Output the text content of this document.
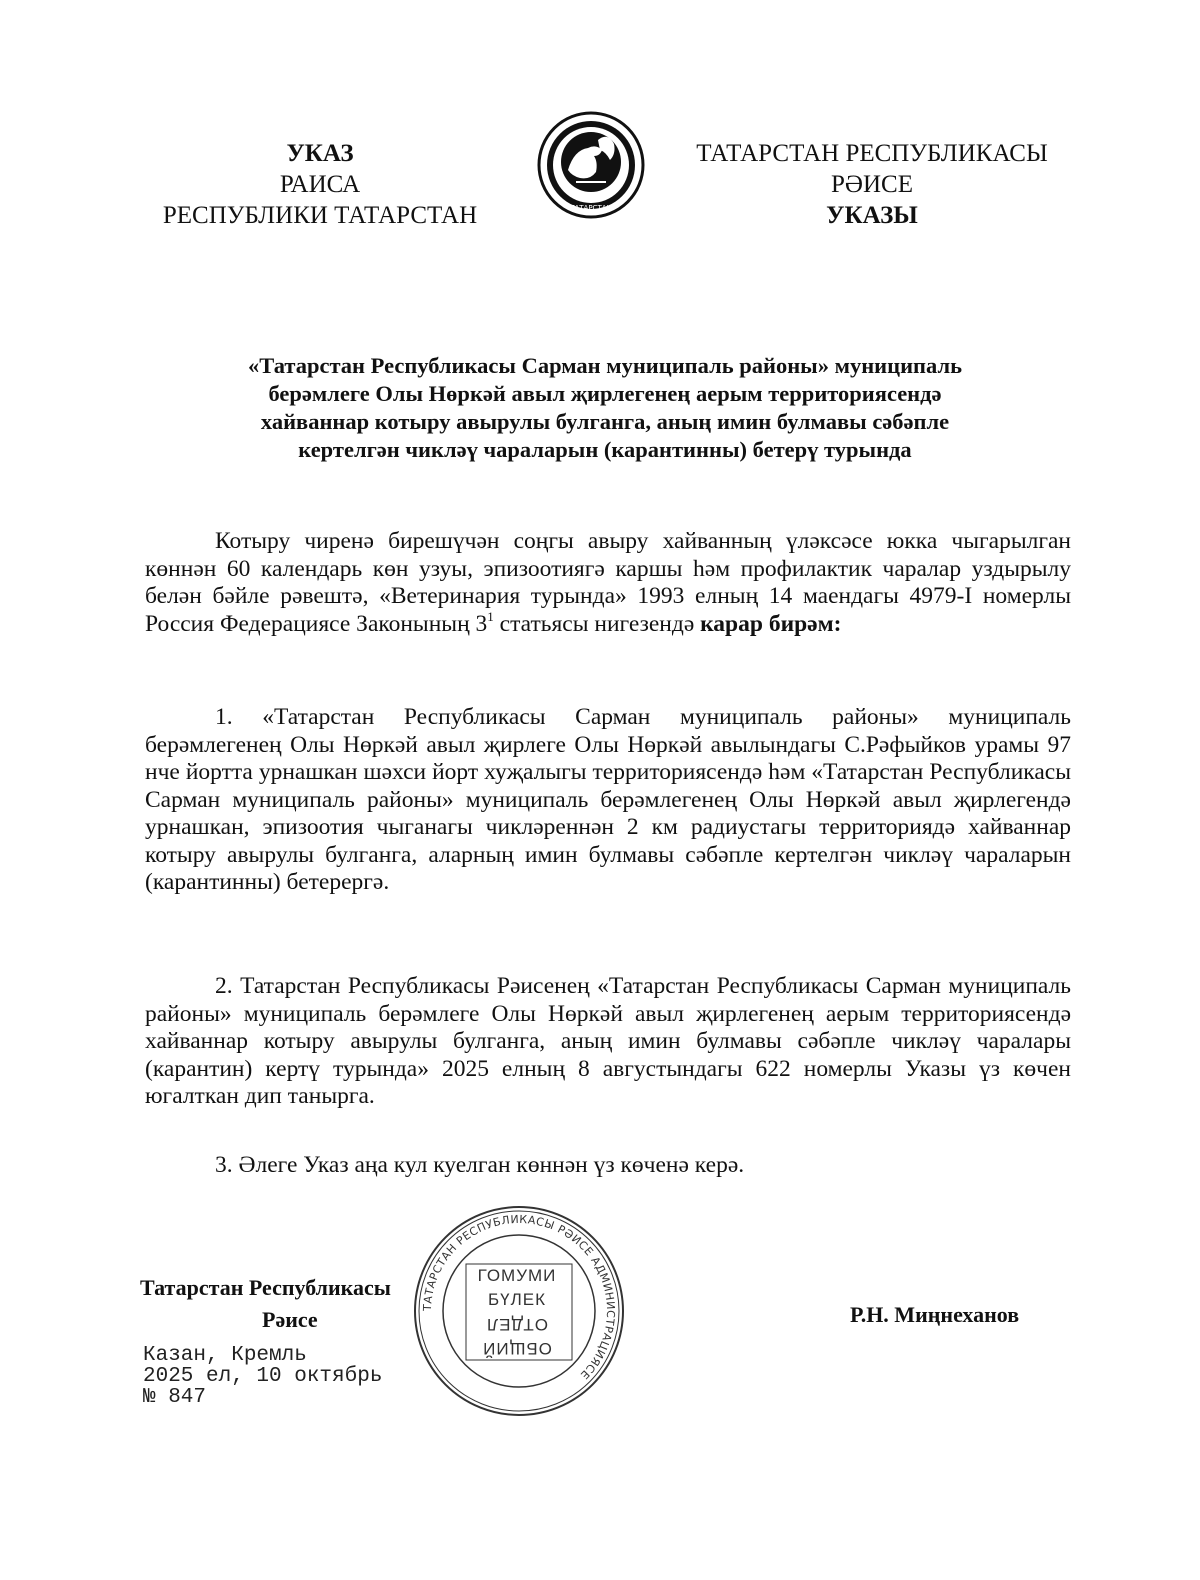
УКАЗ
РАИСА
РЕСПУБЛИКИ ТАТАРСТАН	ТАТАРСТАН
ТАТАРСТАН РЕСПУБЛИКАСЫ
РӘИСЕ
УКАЗЫ
«Татарстан Республикасы Сарман муниципаль районы» муниципаль
берәмлеге Олы Нөркәй авыл җирлегенең аерым территориясендә
хайваннар котыру авырулы булганга, аның имин булмавы сәбәпле
кертелгән чикләү чараларын (карантинны) бетерү турында

Котыру чиренә бирешүчән соңгы авыру хайванның үләксәсе юкка чыгарылган көннән 60 календарь көн узуы, эпизоотиягә каршы һәм профилактик чаралар уздырылу белән бәйле рәвештә, «Ветеринария турында» 1993 елның 14 маендагы 4979-I номерлы Россия Федерациясе Законының $3^1$ статьясы нигезендә карар бирәм:

1. «Татарстан Республикасы Сарман муниципаль районы» муниципаль берәмлегенең Олы Нөркәй авыл җирлеге Олы Нөркәй авылындагы С.Рәфыйков урамы 97 нче йортта урнашкан шәхси йорт хуҗалыгы территориясендә һәм «Татарстан Республикасы Сарман муниципаль районы» муниципаль берәмлегенең Олы Нөркәй авыл җирлегендә урнашкан, эпизоотия чыганагы чикләреннән 2 км радиустагы территориядә хайваннар котыру авырулы булганга, аларның имин булмавы сәбәпле кертелгән чикләү чараларын (карантинны) бетерергә.

2. Татарстан Республикасы Рәисенең «Татарстан Республикасы Сарман муниципаль районы» муниципаль берәмлеге Олы Нөркәй авыл җирлегенең аерым территориясендә хайваннар котыру авырулы булганга, аның имин булмавы сәбәпле чикләү чаралары (карантин) кертү турында» 2025 елның 8 августындагы 622 номерлы Указы үз көчен югалткан дип танырга.

3. Әлеге Указ аңа кул куелган көннән үз көченә керә.

Татарстан Республикасы
Рәисе	Р.Н. Миңнеханов
Казан, Кремль
2025 ел, 10 октябрь
№ 847
ТАТАРСТАН РЕСПУБЛИКАСЫ РӘИСЕ АДМИНИСТРАЦИЯСЕ
ГОМУМИ
БҮЛЕК

ОТДЕЛ
ОБЩИЙ
